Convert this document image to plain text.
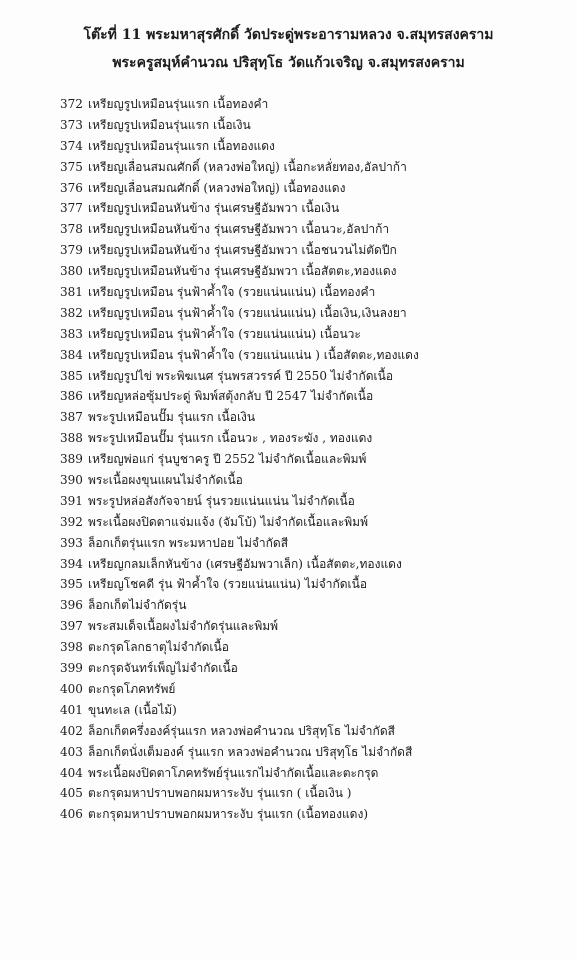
โต๊ะที่ 11 พระมหาสุรศักดิ์ วัดประดู่พระอารามหลวง จ.สมุทรสงคราม
พระครูสมุห์คำนวณ ปริสุทฺโธ วัดแก้วเจริญ จ.สมุทรสงคราม
372 เหรียญรูปเหมือนรุ่นแรก เนื้อทองคำ
373 เหรียญรูปเหมือนรุ่นแรก เนื้อเงิน
374 เหรียญรูปเหมือนรุ่นแรก เนื้อทองแดง
375 เหรียญเลื่อนสมณศักดิ์ (หลวงพ่อใหญ่) เนื้อกะหลั่ยทอง,อัลปาก้า
376 เหรียญเลื่อนสมณศักดิ์ (หลวงพ่อใหญ่) เนื้อทองแดง
377 เหรียญรูปเหมือนหันข้าง รุ่นเศรษฐีอัมพวา เนื้อเงิน
378 เหรียญรูปเหมือนหันข้าง รุ่นเศรษฐีอัมพวา เนื้อนวะ,อัลปาก้า
379 เหรียญรูปเหมือนหันข้าง รุ่นเศรษฐีอัมพวา เนื้อชนวนไม่ตัดปีก
380 เหรียญรูปเหมือนหันข้าง รุ่นเศรษฐีอัมพวา เนื้อสัตตะ,ทองแดง
381 เหรียญรูปเหมือน รุ่นฟ้าค้ำใจ (รวยแน่นแน่น) เนื้อทองคำ
382 เหรียญรูปเหมือน รุ่นฟ้าค้ำใจ (รวยแน่นแน่น) เนื้อเงิน,เงินลงยา
383 เหรียญรูปเหมือน รุ่นฟ้าค้ำใจ (รวยแน่นแน่น) เนื้อนวะ
384 เหรียญรูปเหมือน รุ่นฟ้าค้ำใจ (รวยแน่นแน่น ) เนื้อสัตตะ,ทองแดง
385 เหรียญรูปไข่ พระพิฆเนศ รุ่นพรสวรรค์ ปี 2550 ไม่จำกัดเนื้อ
386 เหรียญหล่อซุ้มประดู่ พิมพ์สตุ้งกลับ ปี 2547 ไม่จำกัดเนื้อ
387 พระรูปเหมือนปั๊ม รุ่นแรก เนื้อเงิน
388 พระรูปเหมือนปั๊ม รุ่นแรก เนื้อนวะ , ทองระฆัง , ทองแดง
389 เหรียญพ่อแก่ รุ่นบูชาครู ปี 2552 ไม่จำกัดเนื้อและพิมพ์
390 พระเนื้อผงขุนแผนไม่จำกัดเนื้อ
391 พระรูปหล่อสังกัจจายน์ รุ่นรวยแน่นแน่น ไม่จำกัดเนื้อ
392 พระเนื้อผงปิดตาแจ่มแจ้ง (จัมโบ้) ไม่จำกัดเนื้อและพิมพ์
393 ล็อกเก็ตรุ่นแรก พระมหาปอย ไม่จำกัดสี
394 เหรียญกลมเล็กหันข้าง (เศรษฐีอัมพวาเล็ก) เนื้อสัตตะ,ทองแดง
395 เหรียญโชคดี รุ่น ฟ้าค้ำใจ (รวยแน่นแน่น) ไม่จำกัดเนื้อ
396 ล็อกเก็ตไม่จำกัดรุ่น
397 พระสมเด็จเนื้อผงไม่จำกัดรุ่นและพิมพ์
398 ตะกรุดโลกธาตุไม่จำกัดเนื้อ
399 ตะกรุดจันทร์เพ็ญไม่จำกัดเนื้อ
400 ตะกรุดโภคทรัพย์
401 ขุนทะเล (เนื้อไม้)
402 ล็อกเก็ตครึ่งองค์รุ่นแรก หลวงพ่อคำนวณ ปริสุทฺโธ ไม่จำกัดสี
403 ล็อกเก็ตนั่งเต็มองค์ รุ่นแรก หลวงพ่อคำนวณ ปริสุทฺโธ ไม่จำกัดสี
404 พระเนื้อผงปิดตาโภคทรัพย์รุ่นแรกไม่จำกัดเนื้อและตะกรุด
405 ตะกรุดมหาปราบพอกผมหาระงับ รุ่นแรก ( เนื้อเงิน )
406 ตะกรุดมหาปราบพอกผมหาระงับ รุ่นแรก (เนื้อทองแดง)
